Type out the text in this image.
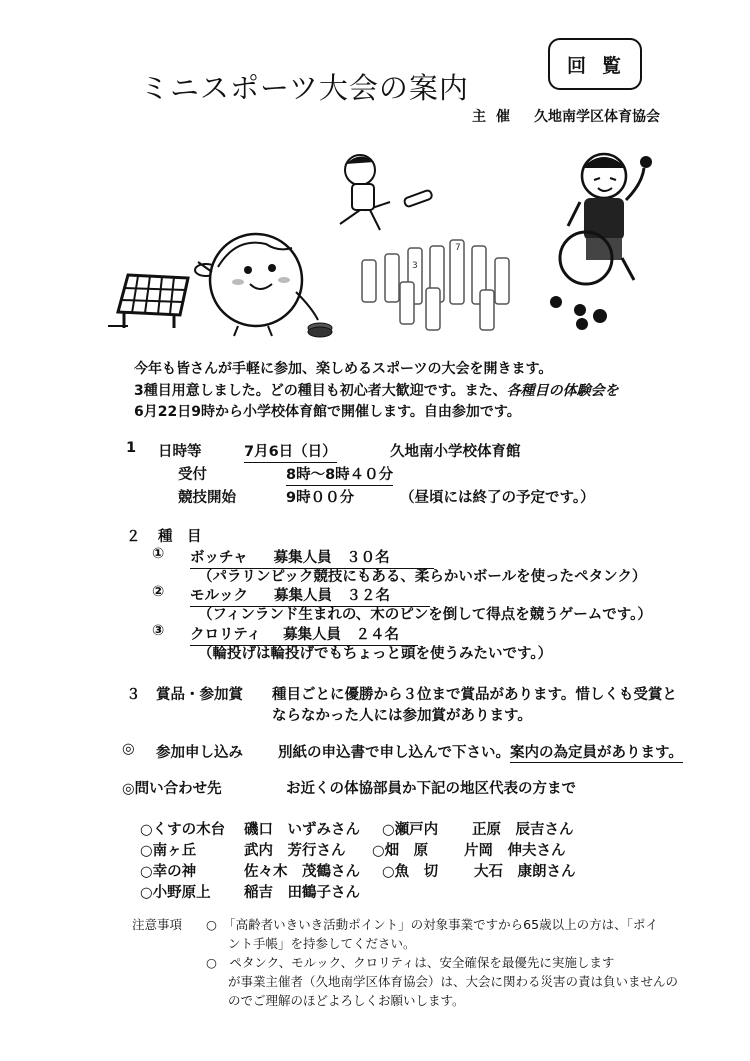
回覧
ミニスポーツ大会の案内
主催 久地南学区体育協会
3
7
今年も皆さんが手軽に参加、楽しめるスポーツの大会を開きます。
3種目用意しました。どの種目も初心者大歓迎です。また、各種目の体験会を
6月22日9時から小学校体育館で開催します。自由参加です。
1 日時等	7月6日（日）	久地南小学校体育館
受付	8時～8時４０分
競技開始	9時００分	（昼頃には終了の予定です。）
２ 種　目
① ボッチャ 募集人員　３０名
（パラリンピック競技にもある、柔らかいボールを使ったペタンク）
② モルック 募集人員　３２名
（フィンランド生まれの、木のピンを倒して得点を競うゲームです。）
③ クロリティ 募集人員　２４名
（輪投げは輪投げでもちょっと頭を使うみたいです。）
３ 賞品・参加賞 種目ごとに優勝から３位まで賞品があります。惜しくも受賞と
ならなかった人には参加賞があります。
◎ 参加申し込み 別紙の申込書で申し込んで下さい。案内の為定員があります。
◎問い合わせ先	お近くの体協部員か下記の地区代表の方まで
○くすの木台 磯口　いずみさん ○瀬戸内 正原　辰吉さん
○南ヶ丘	武内　芳行さん ○畑　原 片岡　伸夫さん
○幸の神	佐々木　茂鶴さん ○魚　切 大石　康朗さん
○小野原上 稲吉　田鶴子さん
注意事項 ○　「高齢者いきいき活動ポイント」の対象事業ですから65歳以上の方は、「ポイ
ント手帳」を持参してください。
○　ペタンク、モルック、クロリティは、安全確保を最優先に実施します
が事業主催者（久地南学区体育協会）は、大会に関わる災害の責は負いませんの
のでご理解のほどよろしくお願いします。
